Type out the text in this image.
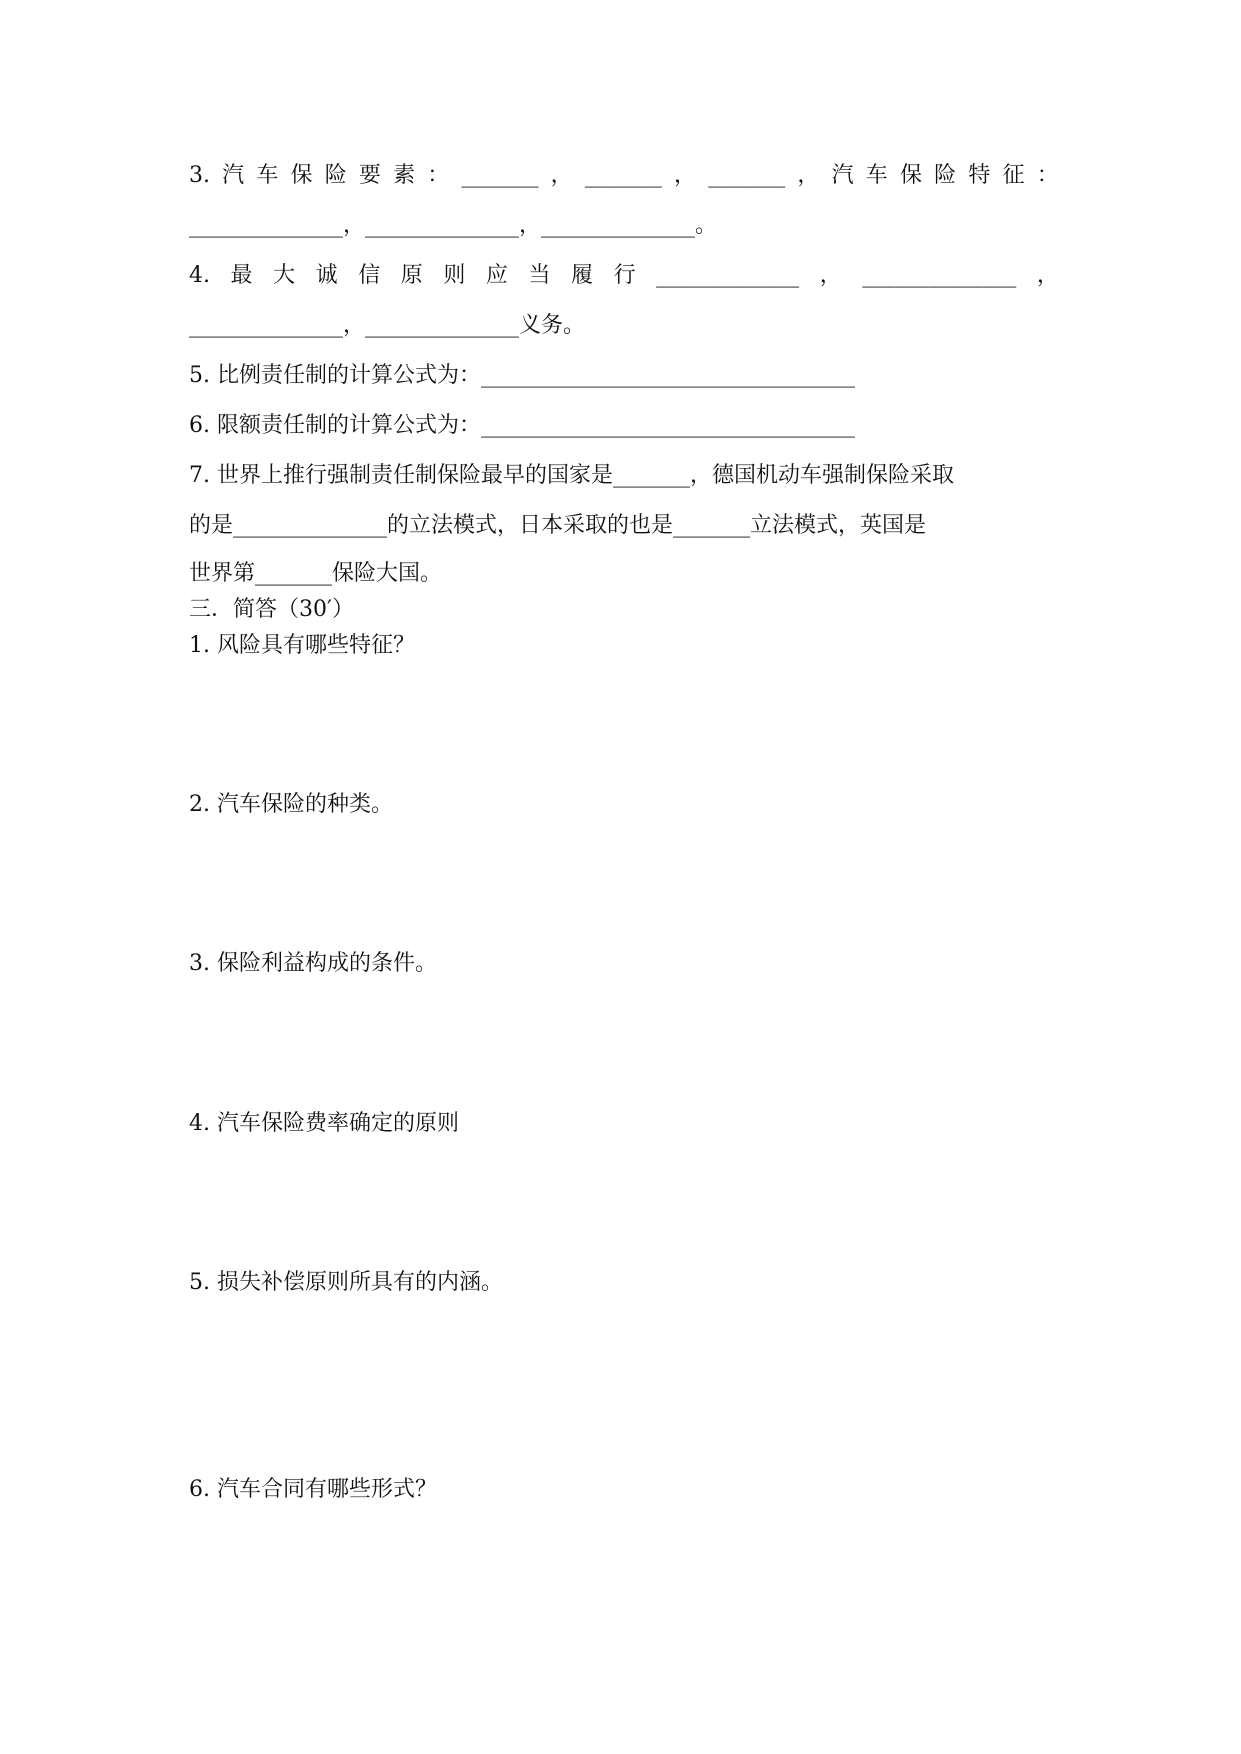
3. 汽 车 保 险 要 素 ： _______ ， _______ ， _______ ， 汽 车 保 险 特 征 ：
______________，______________，______________。
4. 最 大 诚 信 原 则 应 当 履 行 _____________ ， ______________ ，
______________，______________义务。
5. 比例责任制的计算公式为：__________________________________
6. 限额责任制的计算公式为：__________________________________
7. 世界上推行强制责任制保险最早的国家是_______，德国机动车强制保险采取
的是______________的立法模式，日本采取的也是_______立法模式，英国是
世界第_______保险大国。
三．简答（30′）
1. 风险具有哪些特征？
2. 汽车保险的种类。
3. 保险利益构成的条件。
4. 汽车保险费率确定的原则
5. 损失补偿原则所具有的内涵。
6. 汽车合同有哪些形式？
